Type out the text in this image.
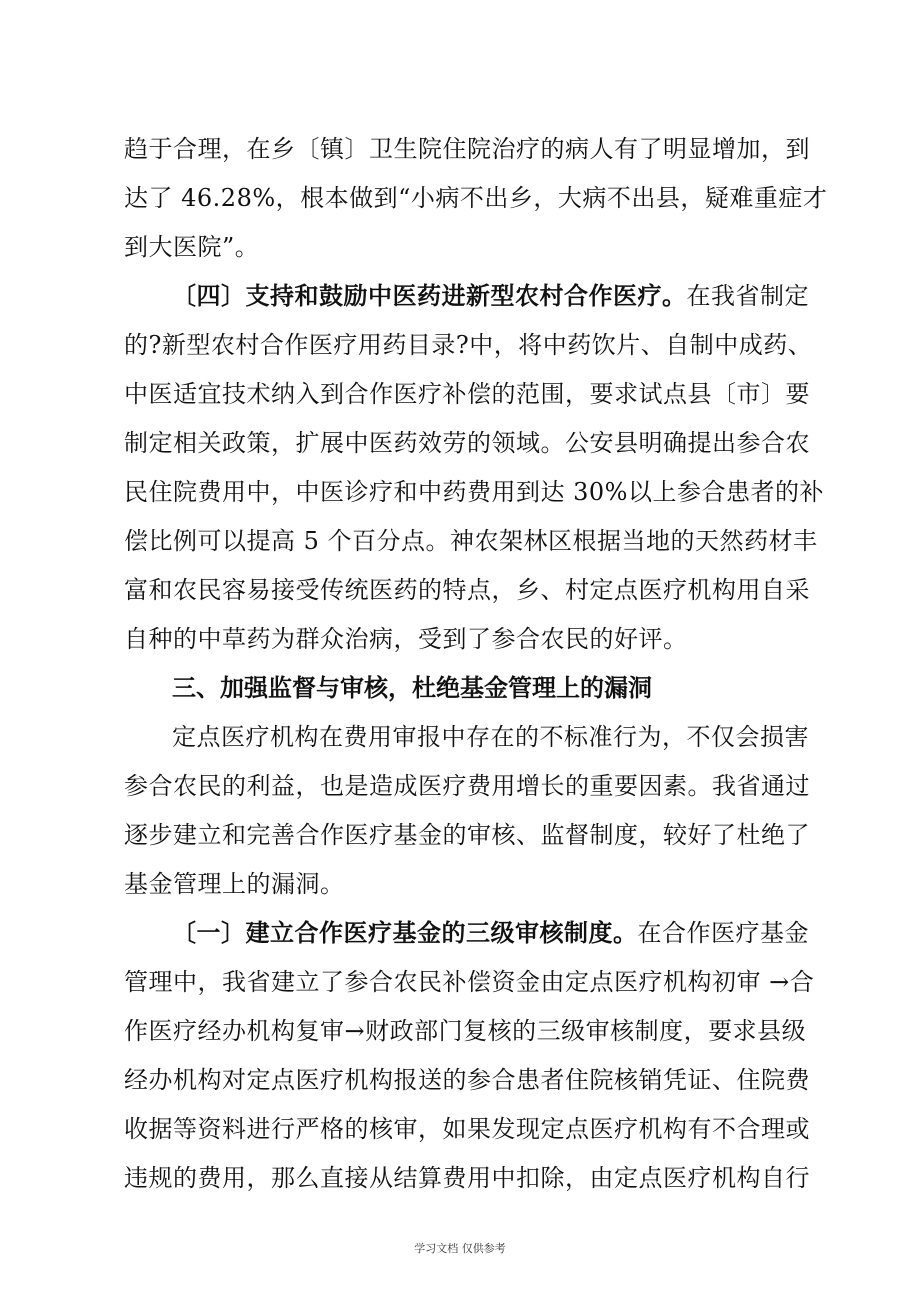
趋于合理，在乡〔镇〕卫生院住院治疗的病人有了明显增加，到
达了 46.28%，根本做到“小病不出乡，大病不出县，疑难重症才
到大医院”。
〔四〕支持和鼓励中医药进新型农村合作医疗。在我省制定
的?新型农村合作医疗用药目录?中，将中药饮片、自制中成药、
中医适宜技术纳入到合作医疗补偿的范围，要求试点县〔市〕要
制定相关政策，扩展中医药效劳的领域。公安县明确提出参合农
民住院费用中，中医诊疗和中药费用到达 30%以上参合患者的补
偿比例可以提高 5 个百分点。神农架林区根据当地的天然药材丰
富和农民容易接受传统医药的特点，乡、村定点医疗机构用自采
自种的中草药为群众治病，受到了参合农民的好评。
三、加强监督与审核，杜绝基金管理上的漏洞
定点医疗机构在费用审报中存在的不标准行为，不仅会损害
参合农民的利益，也是造成医疗费用增长的重要因素。我省通过
逐步建立和完善合作医疗基金的审核、监督制度，较好了杜绝了
基金管理上的漏洞。
〔一〕建立合作医疗基金的三级审核制度。在合作医疗基金
管理中，我省建立了参合农民补偿资金由定点医疗机构初审 →合
作医疗经办机构复审→财政部门复核的三级审核制度，要求县级
经办机构对定点医疗机构报送的参合患者住院核销凭证、住院费
收据等资料进行严格的核审，如果发现定点医疗机构有不合理或
违规的费用，那么直接从结算费用中扣除，由定点医疗机构自行
学习文档 仅供参考
